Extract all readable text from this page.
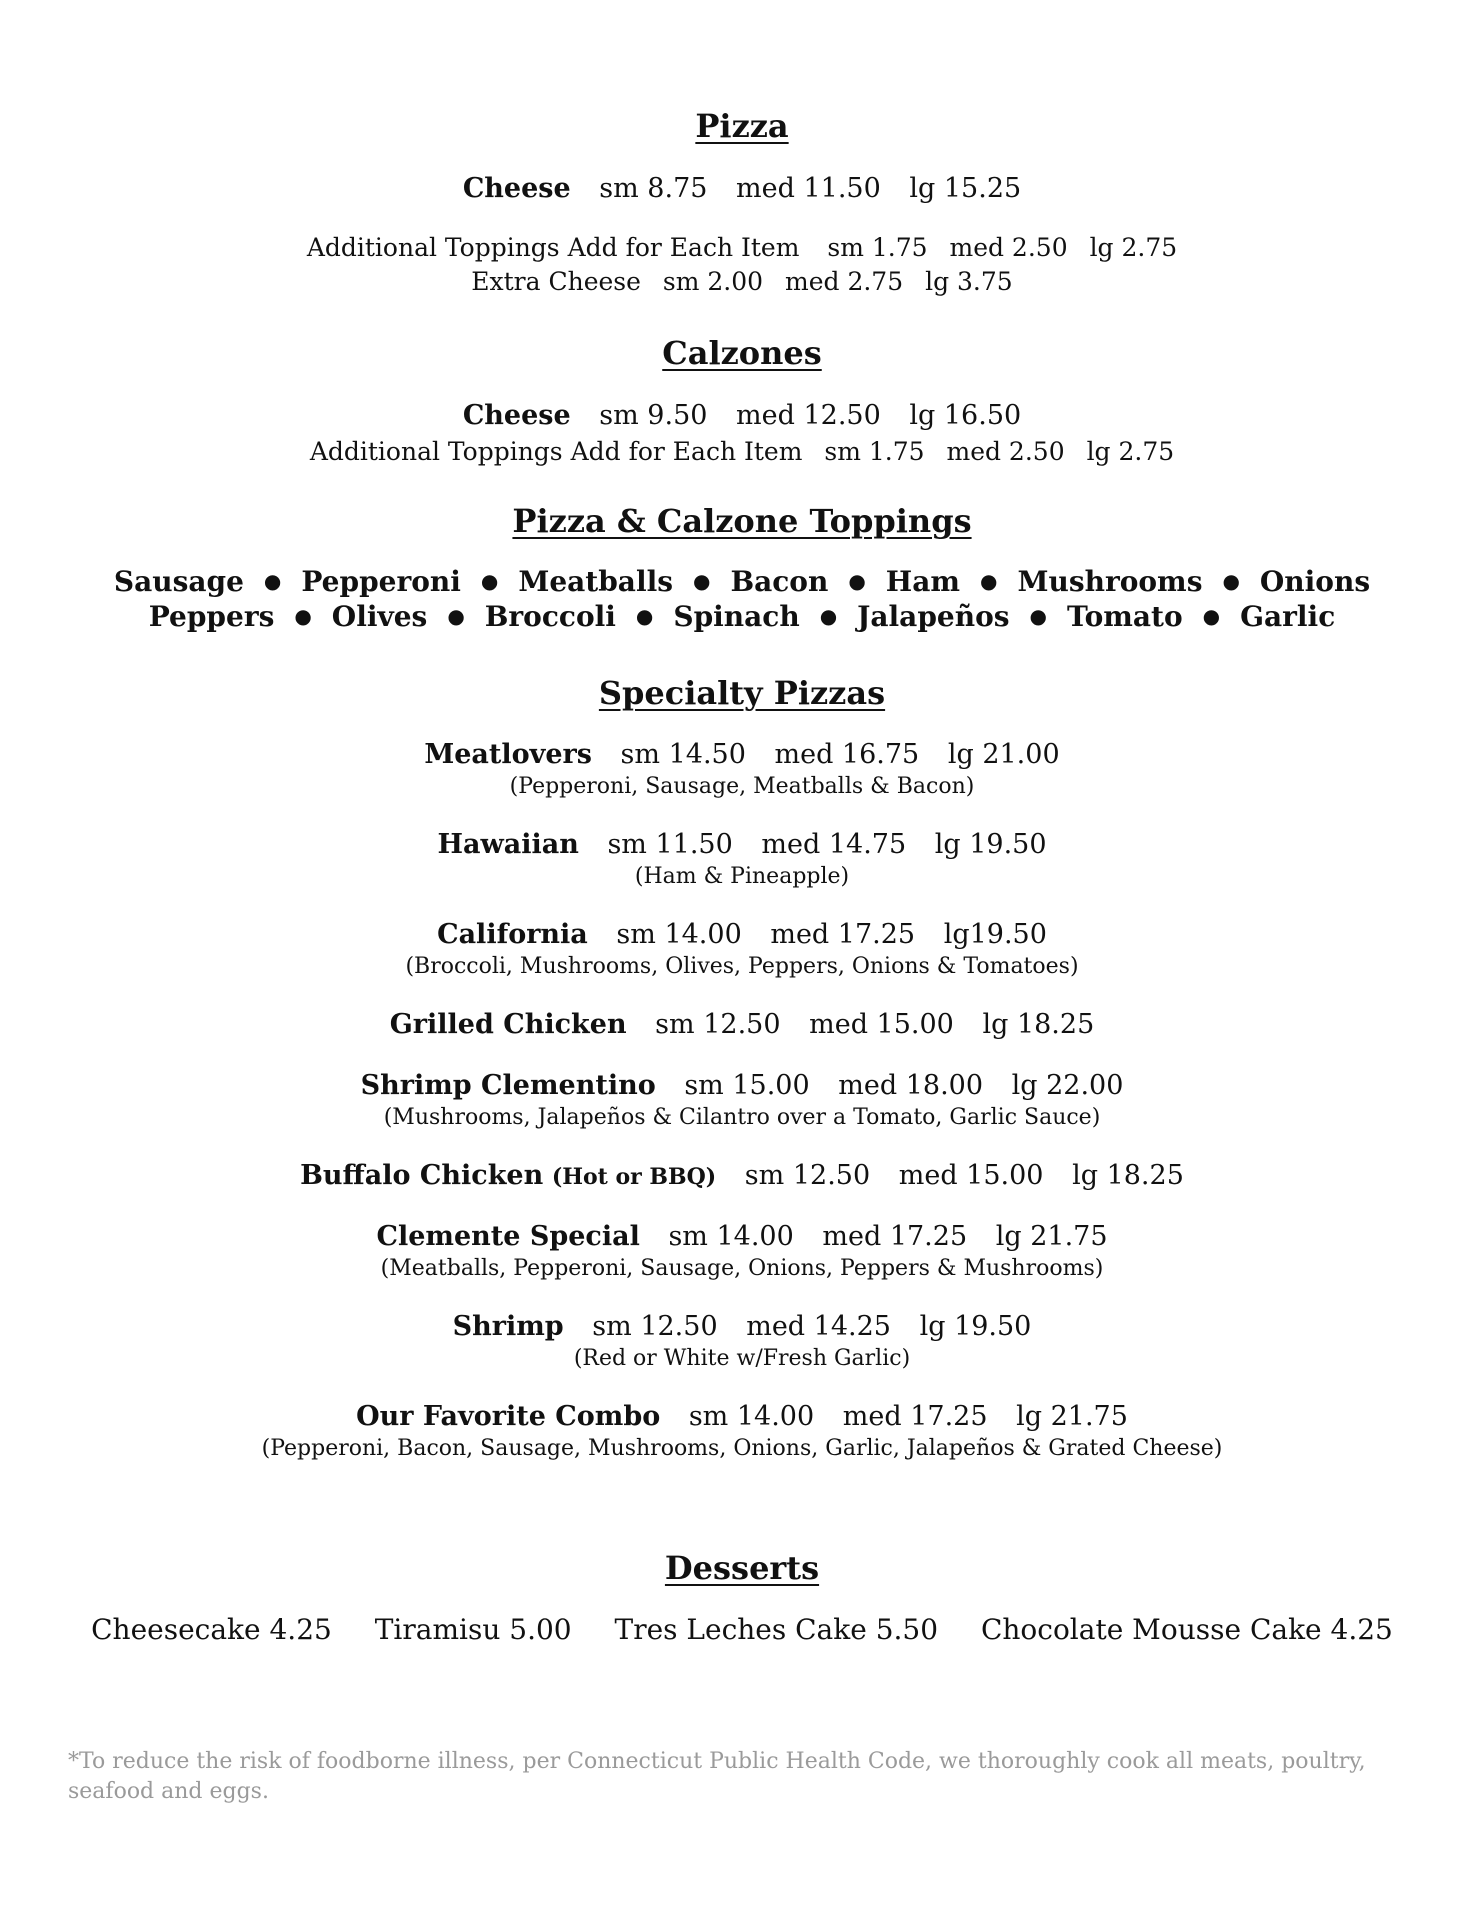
Pizza
Cheese sm 8.75 med 11.50 lg 15.25
Additional Toppings Add for Each Item sm 1.75 med 2.50 lg 2.75
Extra Cheese sm 2.00 med 2.75 lg 3.75
Calzones
Cheese sm 9.50 med 12.50 lg 16.50
Additional Toppings Add for Each Item sm 1.75 med 2.50 lg 2.75
Pizza & Calzone Toppings
Sausage ● Pepperoni ● Meatballs ● Bacon ● Ham ● Mushrooms ● Onions
Peppers ● Olives ● Broccoli ● Spinach ● Jalapeños ● Tomato ● Garlic
Specialty Pizzas
Meatlovers sm 14.50 med 16.75 lg 21.00
(Pepperoni, Sausage, Meatballs & Bacon)
Hawaiian sm 11.50 med 14.75 lg 19.50
(Ham & Pineapple)
California sm 14.00 med 17.25 lg19.50
(Broccoli, Mushrooms, Olives, Peppers, Onions & Tomatoes)
Grilled Chicken sm 12.50 med 15.00 lg 18.25
Shrimp Clementino sm 15.00 med 18.00 lg 22.00
(Mushrooms, Jalapeños & Cilantro over a Tomato, Garlic Sauce)
Buffalo Chicken (Hot or BBQ) sm 12.50 med 15.00 lg 18.25
Clemente Special sm 14.00 med 17.25 lg 21.75
(Meatballs, Pepperoni, Sausage, Onions, Peppers & Mushrooms)
Shrimp sm 12.50 med 14.25 lg 19.50
(Red or White w/Fresh Garlic)
Our Favorite Combo sm 14.00 med 17.25 lg 21.75
(Pepperoni, Bacon, Sausage, Mushrooms, Onions, Garlic, Jalapeños & Grated Cheese)
Desserts
Cheesecake 4.25 Tiramisu 5.00 Tres Leches Cake 5.50 Chocolate Mousse Cake 4.25
*To reduce the risk of foodborne illness, per Connecticut Public Health Code, we thoroughly cook all meats, poultry, seafood and eggs.
